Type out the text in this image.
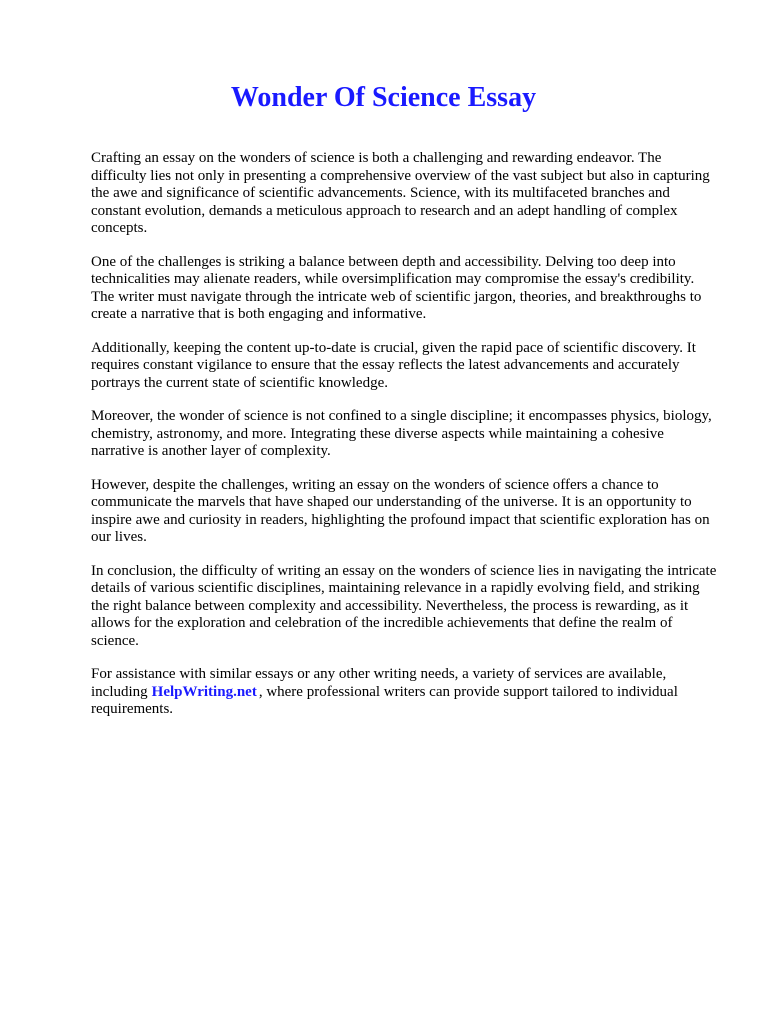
Wonder Of Science Essay

Crafting an essay on the wonders of science is both a challenging and rewarding endeavor. The difficulty lies not only in presenting a comprehensive overview of the vast subject but also in capturing the awe and significance of scientific advancements. Science, with its multifaceted branches and constant evolution, demands a meticulous approach to research and an adept handling of complex concepts.

One of the challenges is striking a balance between depth and accessibility. Delving too deep into technicalities may alienate readers, while oversimplification may compromise the essay's credibility. The writer must navigate through the intricate web of scientific jargon, theories, and breakthroughs to create a narrative that is both engaging and informative.

Additionally, keeping the content up-to-date is crucial, given the rapid pace of scientific discovery. It requires constant vigilance to ensure that the essay reflects the latest advancements and accurately portrays the current state of scientific knowledge.

Moreover, the wonder of science is not confined to a single discipline; it encompasses physics, biology, chemistry, astronomy, and more. Integrating these diverse aspects while maintaining a cohesive narrative is another layer of complexity.

However, despite the challenges, writing an essay on the wonders of science offers a chance to communicate the marvels that have shaped our understanding of the universe. It is an opportunity to inspire awe and curiosity in readers, highlighting the profound impact that scientific exploration has on our lives.

In conclusion, the difficulty of writing an essay on the wonders of science lies in navigating the intricate details of various scientific disciplines, maintaining relevance in a rapidly evolving field, and striking the right balance between complexity and accessibility. Nevertheless, the process is rewarding, as it allows for the exploration and celebration of the incredible achievements that define the realm of science.

For assistance with similar essays or any other writing needs, a variety of services are available, including HelpWriting.net , where professional writers can provide support tailored to individual requirements.
